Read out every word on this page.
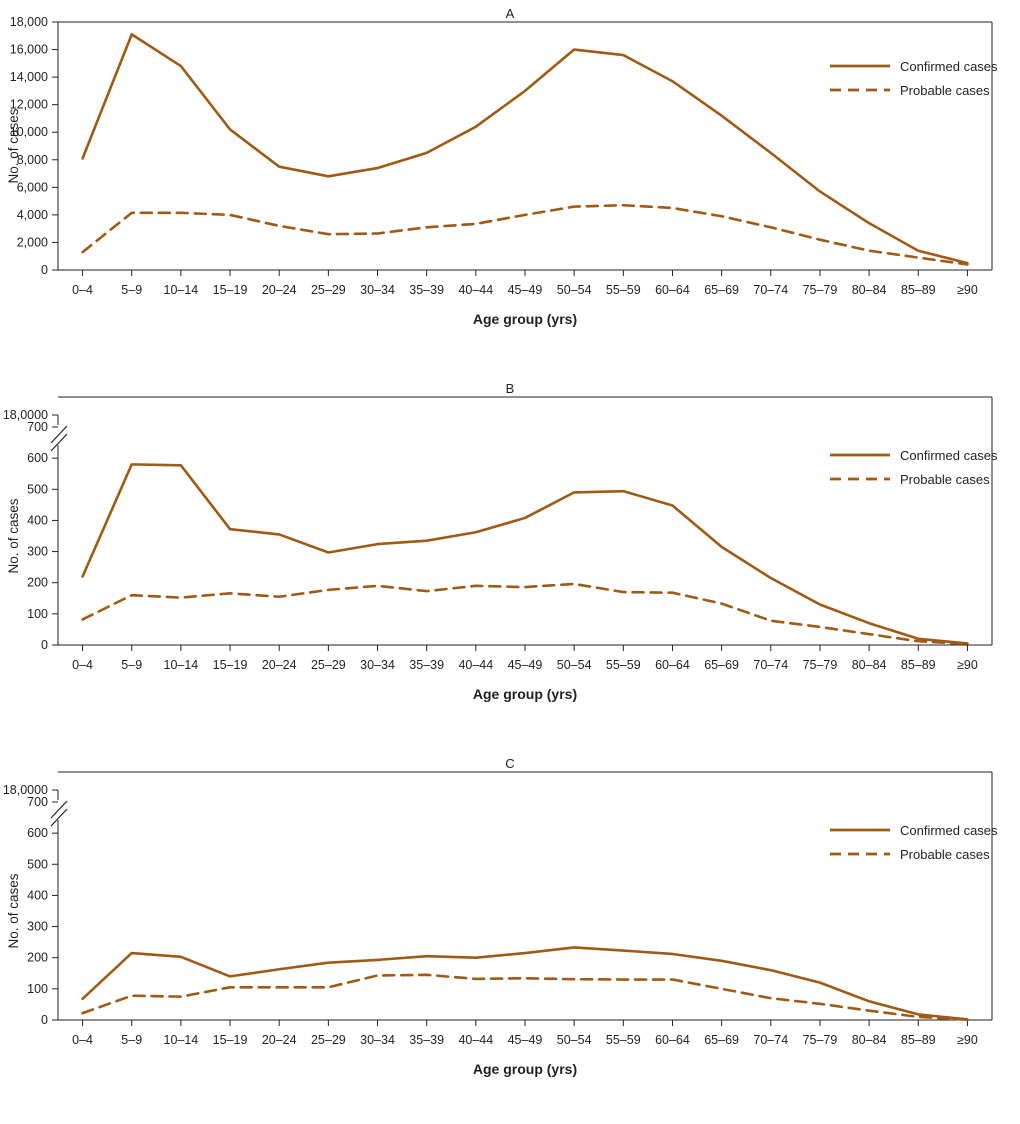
A
0
2,000
4,000
6,000
8,000
10,000
12,000
14,000
16,000
18,000
0–4 5–9 10–14 15–19 20–24 25–29 30–34 35–39 40–44 45–49 50–54 55–59 60–64 65–69 70–74 75–79 80–84 85–89 ≥90
Age group (yrs)
No. of cases
Confirmed cases
Probable cases
B
18,0000
0
100
200
300
400
500
600
700
0–4 5–9 10–14 15–19 20–24 25–29 30–34 35–39 40–44 45–49 50–54 55–59 60–64 65–69 70–74 75–79 80–84 85–89 ≥90
Age group (yrs)
No. of cases
Confirmed cases
Probable cases
C
18,0000
0
100
200
300
400
500
600
700
0–4 5–9 10–14 15–19 20–24 25–29 30–34 35–39 40–44 45–49 50–54 55–59 60–64 65–69 70–74 75–79 80–84 85–89 ≥90
Age group (yrs)
No. of cases
Confirmed cases
Probable cases
